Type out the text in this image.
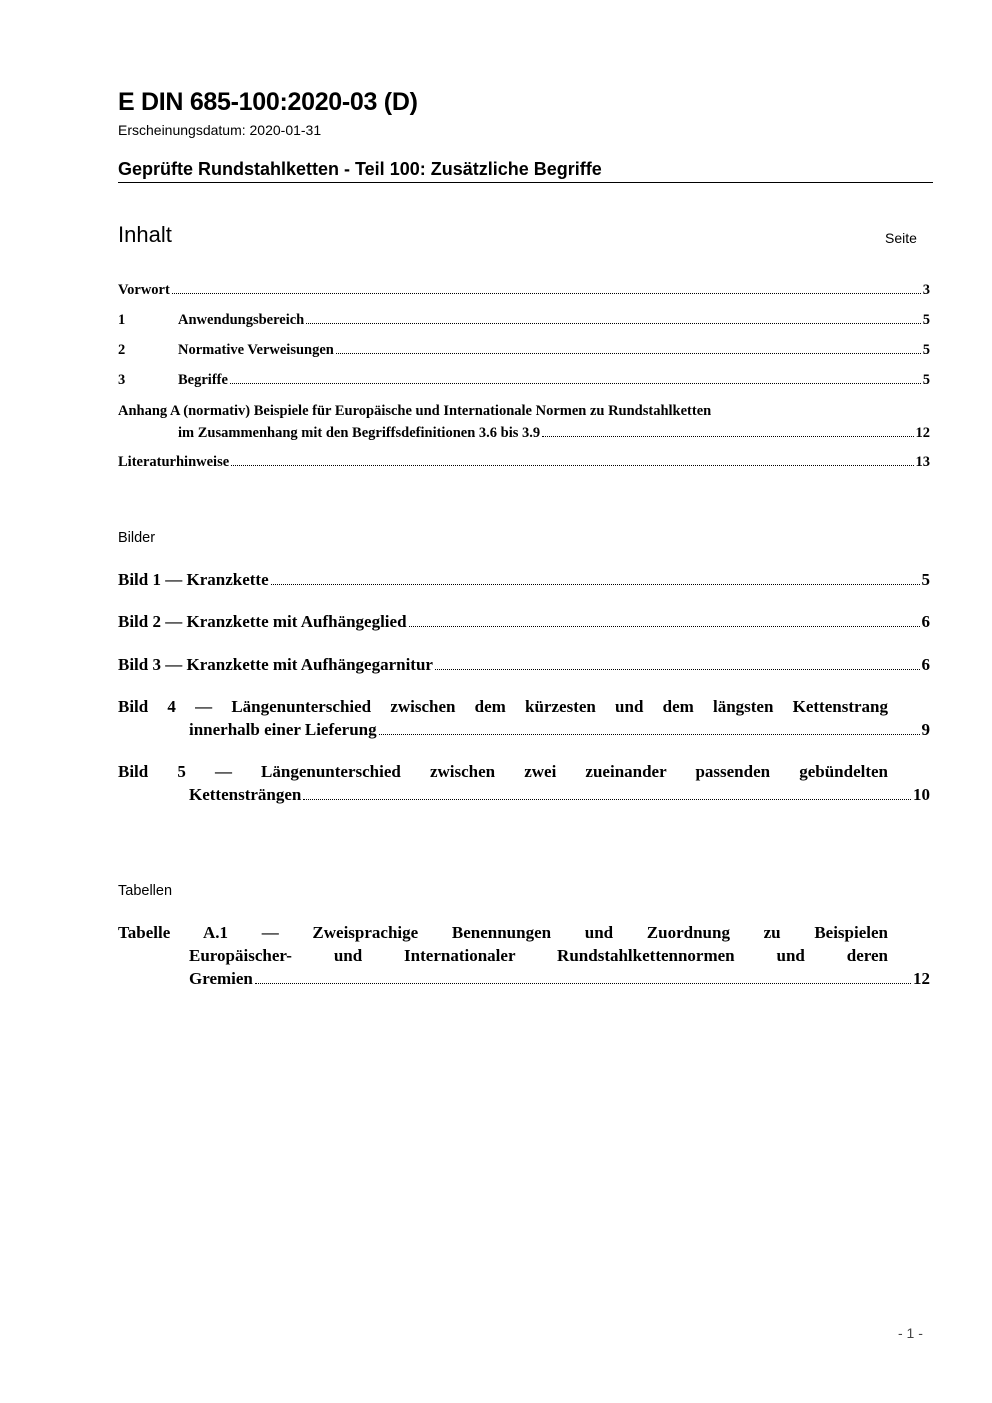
E DIN 685-100:2020-03 (D)
Erscheinungsdatum: 2020-01-31
Geprüfte Rundstahlketten - Teil 100: Zusätzliche Begriffe
Inhalt	Seite
Vorwort	3
1	Anwendungsbereich	5
2	Normative Verweisungen	5
3	Begriffe	5
Anhang A (normativ) Beispiele für Europäische und Internationale Normen zu Rundstahlketten
im Zusammenhang mit den Begriffsdefinitionen 3.6 bis 3.9	12
Literaturhinweise	13
Bilder
Bild 1 — Kranzkette	5
Bild 2 — Kranzkette mit Aufhängeglied	6
Bild 3 — Kranzkette mit Aufhängegarnitur	6
Bild 4 — Längenunterschied zwischen dem kürzesten und dem längsten Kettenstrang
innerhalb einer Lieferung	9
Bild 5 — Längenunterschied zwischen zwei zueinander passenden gebündelten
Kettensträngen	10
Tabellen
Tabelle A.1 — Zweisprachige Benennungen und Zuordnung zu Beispielen
Europäischer- und Internationaler Rundstahlkettennormen und deren
Gremien	12
- 1 -
